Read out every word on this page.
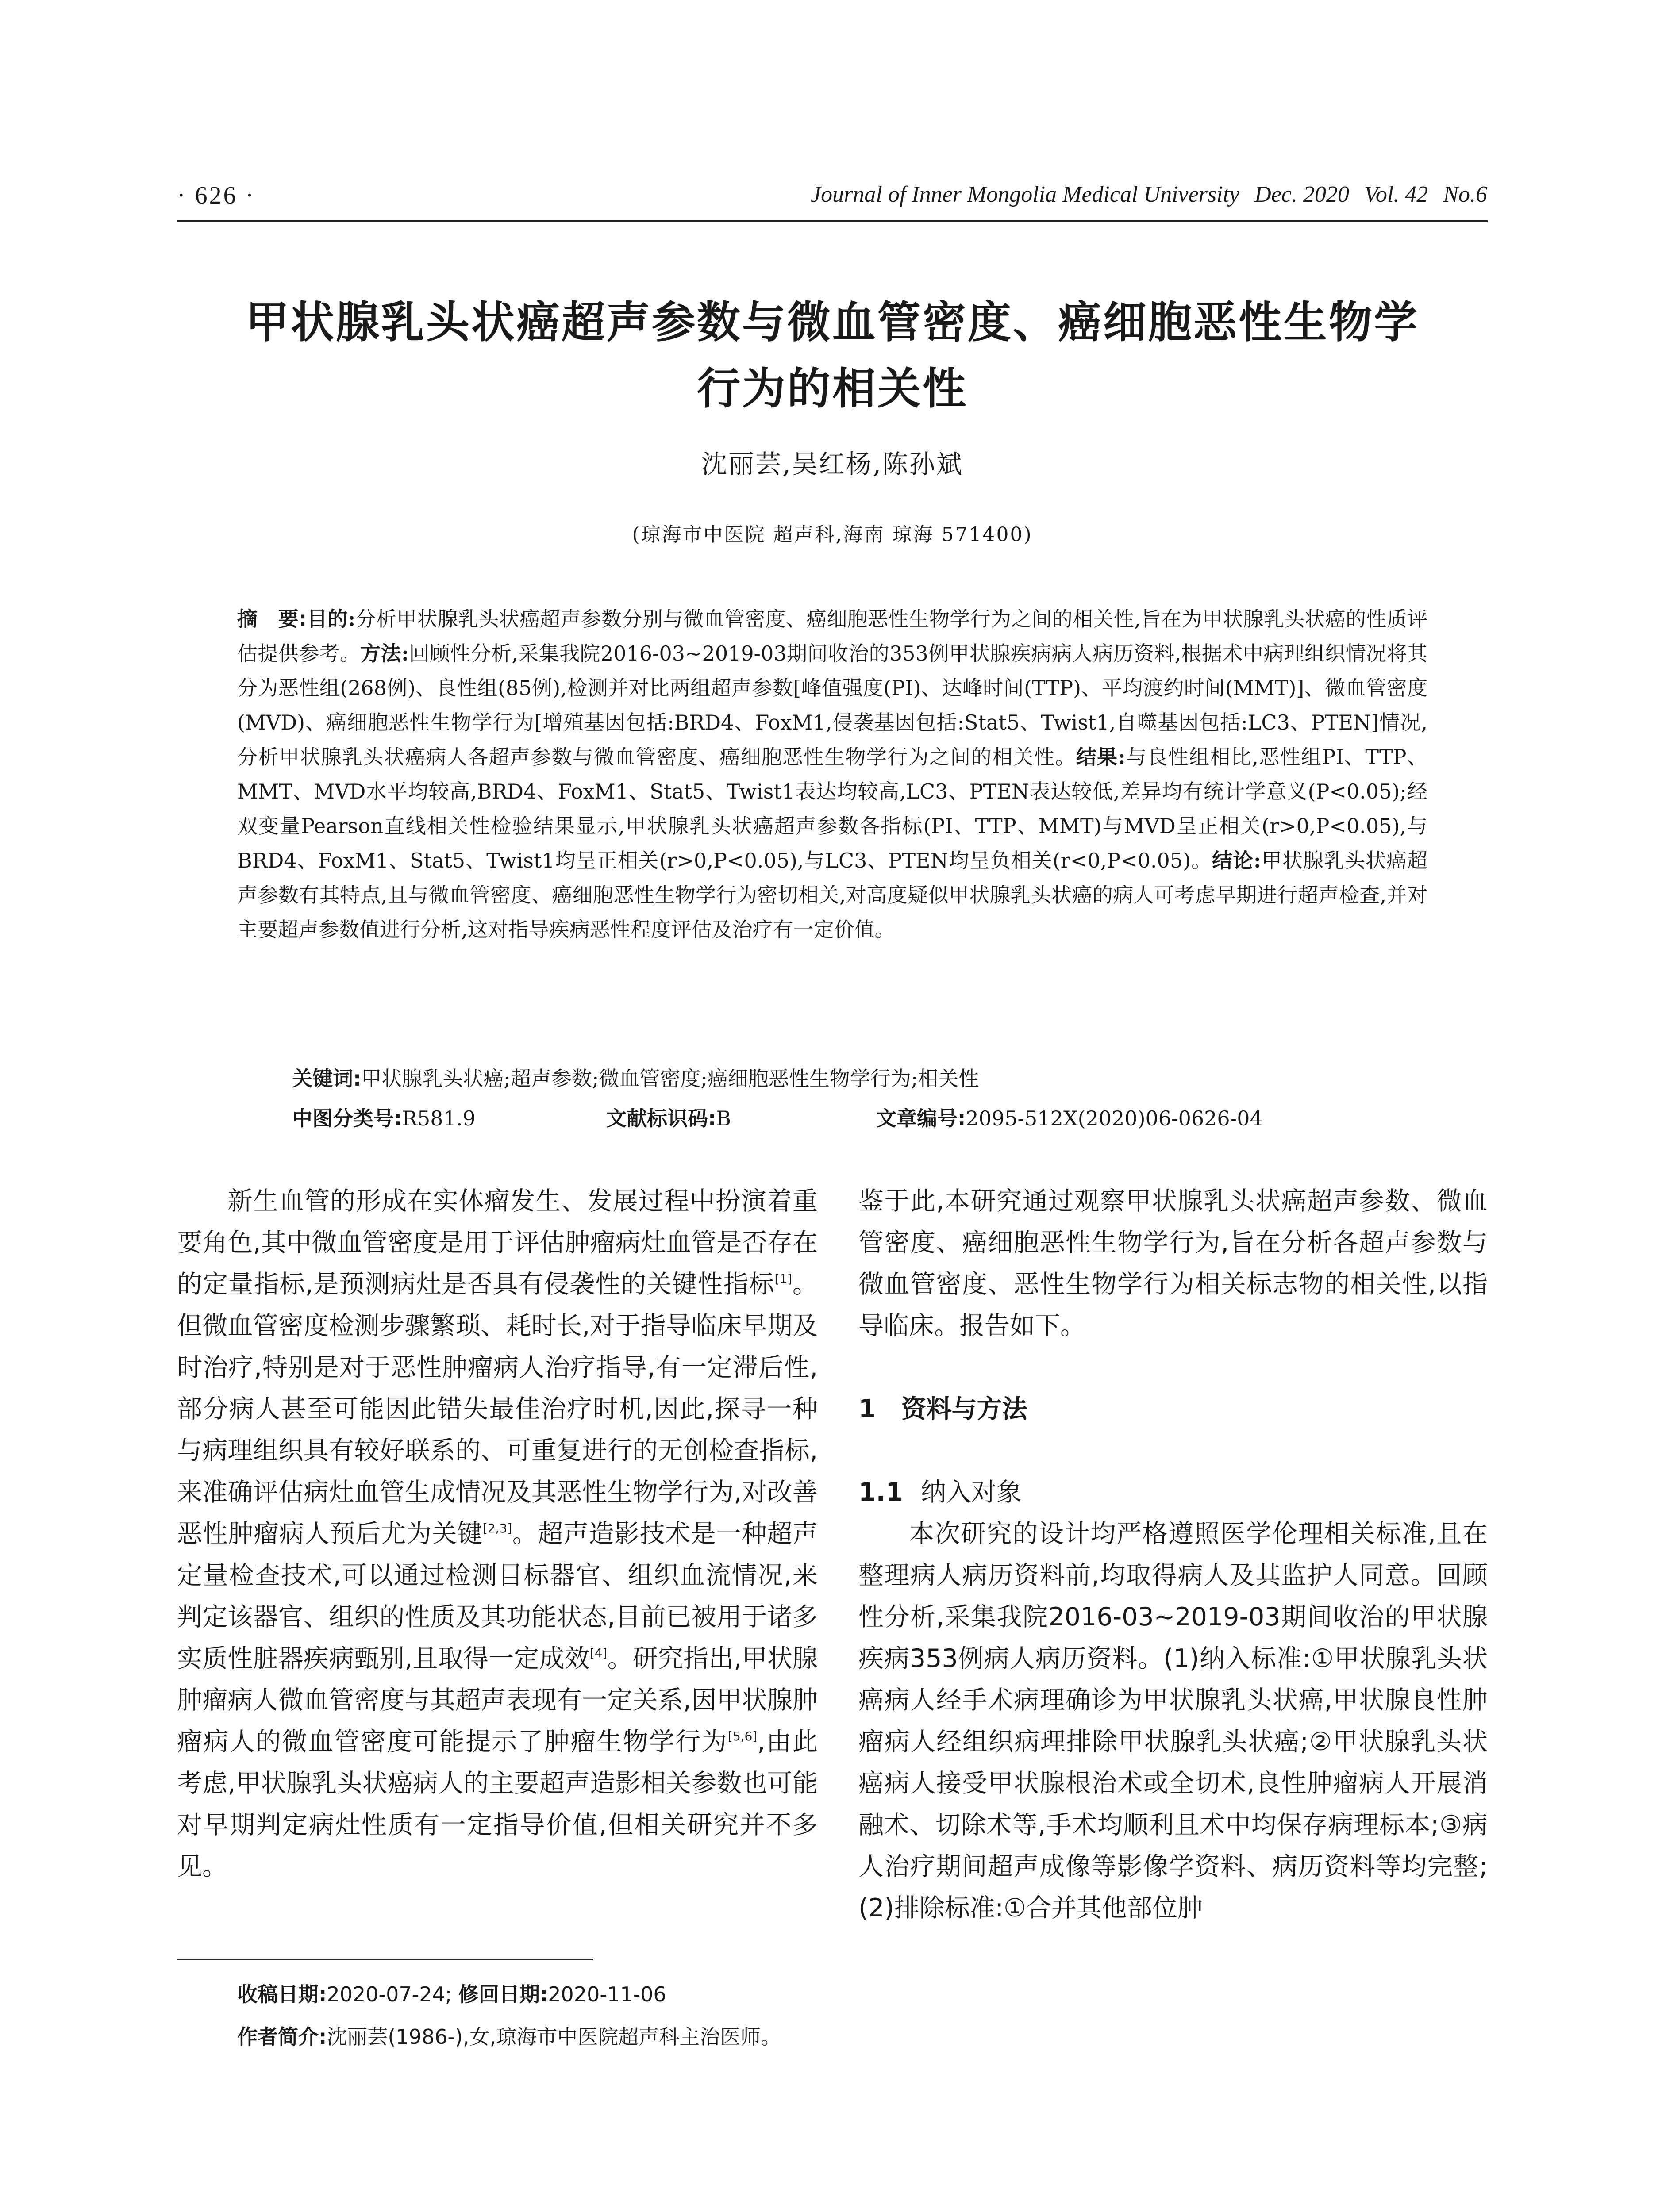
· 626 ·	Journal of Inner Mongolia Medical University Dec. 2020 Vol. 42 No.6
甲状腺乳头状癌超声参数与微血管密度、癌细胞恶性生物学
行为的相关性
沈丽芸,吴红杨,陈孙斌
(琼海市中医院 超声科,海南 琼海 571400)
摘　要:目的:分析甲状腺乳头状癌超声参数分别与微血管密度、癌细胞恶性生物学行为之间的相关性,旨在为甲状腺乳头状癌的性质评估提供参考。方法:回顾性分析,采集我院2016-03~2019-03期间收治的353例甲状腺疾病病人病历资料,根据术中病理组织情况将其分为恶性组(268例)、良性组(85例),检测并对比两组超声参数[峰值强度(PI)、达峰时间(TTP)、平均渡约时间(MMT)]、微血管密度(MVD)、癌细胞恶性生物学行为[增殖基因包括:BRD4、FoxM1,侵袭基因包括:Stat5、Twist1,自噬基因包括:LC3、PTEN]情况,分析甲状腺乳头状癌病人各超声参数与微血管密度、癌细胞恶性生物学行为之间的相关性。结果:与良性组相比,恶性组PI、TTP、MMT、MVD水平均较高,BRD4、FoxM1、Stat5、Twist1表达均较高,LC3、PTEN表达较低,差异均有统计学意义(P<0.05);经双变量Pearson直线相关性检验结果显示,甲状腺乳头状癌超声参数各指标(PI、TTP、MMT)与MVD呈正相关(r>0,P<0.05),与BRD4、FoxM1、Stat5、Twist1均呈正相关(r>0,P<0.05),与LC3、PTEN均呈负相关(r<0,P<0.05)。结论:甲状腺乳头状癌超声参数有其特点,且与微血管密度、癌细胞恶性生物学行为密切相关,对高度疑似甲状腺乳头状癌的病人可考虑早期进行超声检查,并对主要超声参数值进行分析,这对指导疾病恶性程度评估及治疗有一定价值。
关键词:甲状腺乳头状癌;超声参数;微血管密度;癌细胞恶性生物学行为;相关性
中图分类号:R581.9	文献标识码:B	文章编号:2095-512X(2020)06-0626-04

新生血管的形成在实体瘤发生、发展过程中扮演着重要角色,其中微血管密度是用于评估肿瘤病灶血管是否存在的定量指标,是预测病灶是否具有侵袭性的关键性指标[1]。但微血管密度检测步骤繁琐、耗时长,对于指导临床早期及时治疗,特别是对于恶性肿瘤病人治疗指导,有一定滞后性,部分病人甚至可能因此错失最佳治疗时机,因此,探寻一种与病理组织具有较好联系的、可重复进行的无创检查指标,来准确评估病灶血管生成情况及其恶性生物学行为,对改善恶性肿瘤病人预后尤为关键[2,3]。超声造影技术是一种超声定量检查技术,可以通过检测目标器官、组织血流情况,来判定该器官、组织的性质及其功能状态,目前已被用于诸多实质性脏器疾病甄别,且取得一定成效[4]。研究指出,甲状腺肿瘤病人微血管密度与其超声表现有一定关系,因甲状腺肿瘤病人的微血管密度可能提示了肿瘤生物学行为[5,6],由此考虑,甲状腺乳头状癌病人的主要超声造影相关参数也可能对早期判定病灶性质有一定指导价值,但相关研究并不多见。

鉴于此,本研究通过观察甲状腺乳头状癌超声参数、微血管密度、癌细胞恶性生物学行为,旨在分析各超声参数与微血管密度、恶性生物学行为相关标志物的相关性,以指导临床。报告如下。

1　资料与方法

1.1 纳入对象

本次研究的设计均严格遵照医学伦理相关标准,且在整理病人病历资料前,均取得病人及其监护人同意。回顾性分析,采集我院2016-03~2019-03期间收治的甲状腺疾病353例病人病历资料。(1)纳入标准:①甲状腺乳头状癌病人经手术病理确诊为甲状腺乳头状癌,甲状腺良性肿瘤病人经组织病理排除甲状腺乳头状癌;②甲状腺乳头状癌病人接受甲状腺根治术或全切术,良性肿瘤病人开展消融术、切除术等,手术均顺利且术中均保存病理标本;③病人治疗期间超声成像等影像学资料、病历资料等均完整;(2)排除标准:①合并其他部位肿

收稿日期:2020-07-24; 修回日期:2020-11-06
作者简介:沈丽芸(1986-),女,琼海市中医院超声科主治医师。
